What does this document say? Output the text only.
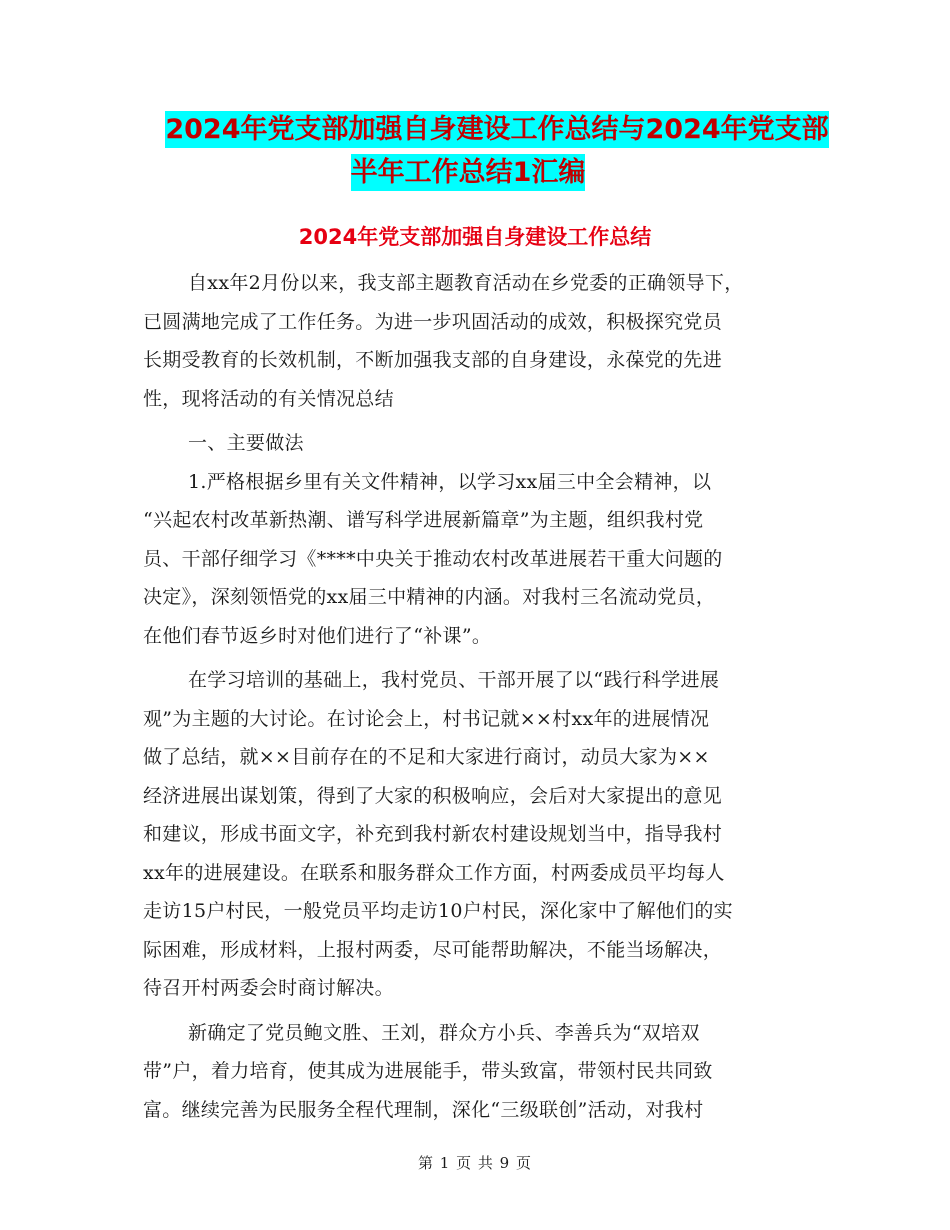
2024年党支部加强自身建设工作总结与2024年党支部
半年工作总结1汇编
2024年党支部加强自身建设工作总结
自xx年2月份以来，我支部主题教育活动在乡党委的正确领导下，
已圆满地完成了工作任务。为进一步巩固活动的成效，积极探究党员
长期受教育的长效机制，不断加强我支部的自身建设，永葆党的先进
性，现将活动的有关情况总结
一、主要做法
1.严格根据乡里有关文件精神，以学习xx届三中全会精神，以
“兴起农村改革新热潮、谱写科学进展新篇章”为主题，组织我村党
员、干部仔细学习《****中央关于推动农村改革进展若干重大问题的
决定》，深刻领悟党的xx届三中精神的内涵。对我村三名流动党员，
在他们春节返乡时对他们进行了“补课”。
在学习培训的基础上，我村党员、干部开展了以“践行科学进展
观”为主题的大讨论。在讨论会上，村书记就××村xx年的进展情况
做了总结，就××目前存在的不足和大家进行商讨，动员大家为××
经济进展出谋划策，得到了大家的积极响应，会后对大家提出的意见
和建议，形成书面文字，补充到我村新农村建设规划当中，指导我村
xx年的进展建设。在联系和服务群众工作方面，村两委成员平均每人
走访15户村民，一般党员平均走访10户村民，深化家中了解他们的实
际困难，形成材料，上报村两委，尽可能帮助解决，不能当场解决，
待召开村两委会时商讨解决。
新确定了党员鲍文胜、王刘，群众方小兵、李善兵为“双培双
带”户，着力培育，使其成为进展能手，带头致富，带领村民共同致
富。继续完善为民服务全程代理制，深化“三级联创”活动，对我村
第 1 页 共 9 页
